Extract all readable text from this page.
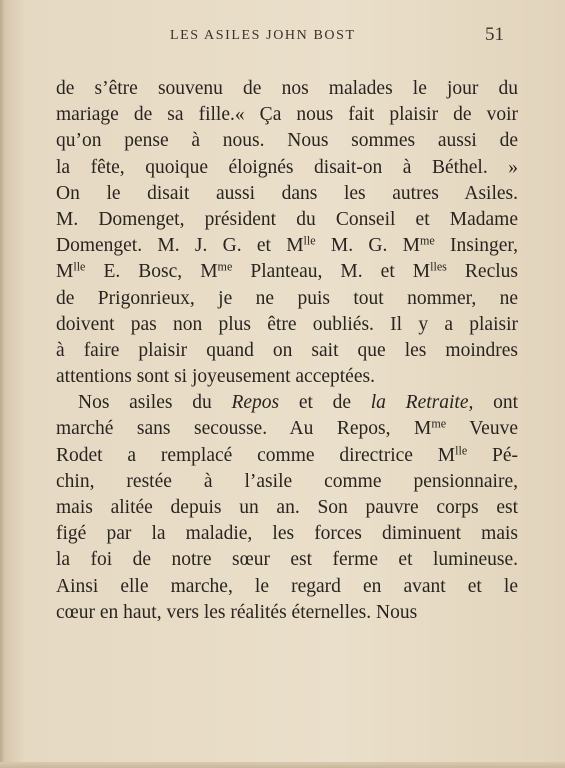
LES ASILES JOHN BOST	51
de s’être souvenu de nos malades le jour du
mariage de sa fille.« Ça nous fait plaisir de voir
qu’on pense à nous. Nous sommes aussi de
la fête, quoique éloignés disait-on à Béthel. »
On le disait aussi dans les autres Asiles.
M. Domenget, président du Conseil et Madame
Domenget. M. J. G. et $M^{lle}$ M. G. $M^{me}$ Insinger,
$M^{lle}$ E. Bosc, $M^{me}$ Planteau, M. et $M^{lles}$ Reclus
de Prigonrieux, je ne puis tout nommer, ne
doivent pas non plus être oubliés. Il y a plaisir
à faire plaisir quand on sait que les moindres
attentions sont si joyeusement acceptées.
Nos asiles du Repos et de la Retraite, ont
marché sans secousse. Au Repos, $M^{me}$ Veuve
Rodet a remplacé comme directrice $M^{lle}$ Pé-
chin, restée à l’asile comme pensionnaire,
mais alitée depuis un an. Son pauvre corps est
figé par la maladie, les forces diminuent mais
la foi de notre sœur est ferme et lumineuse.
Ainsi elle marche, le regard en avant et le
cœur en haut, vers les réalités éternelles. Nous
